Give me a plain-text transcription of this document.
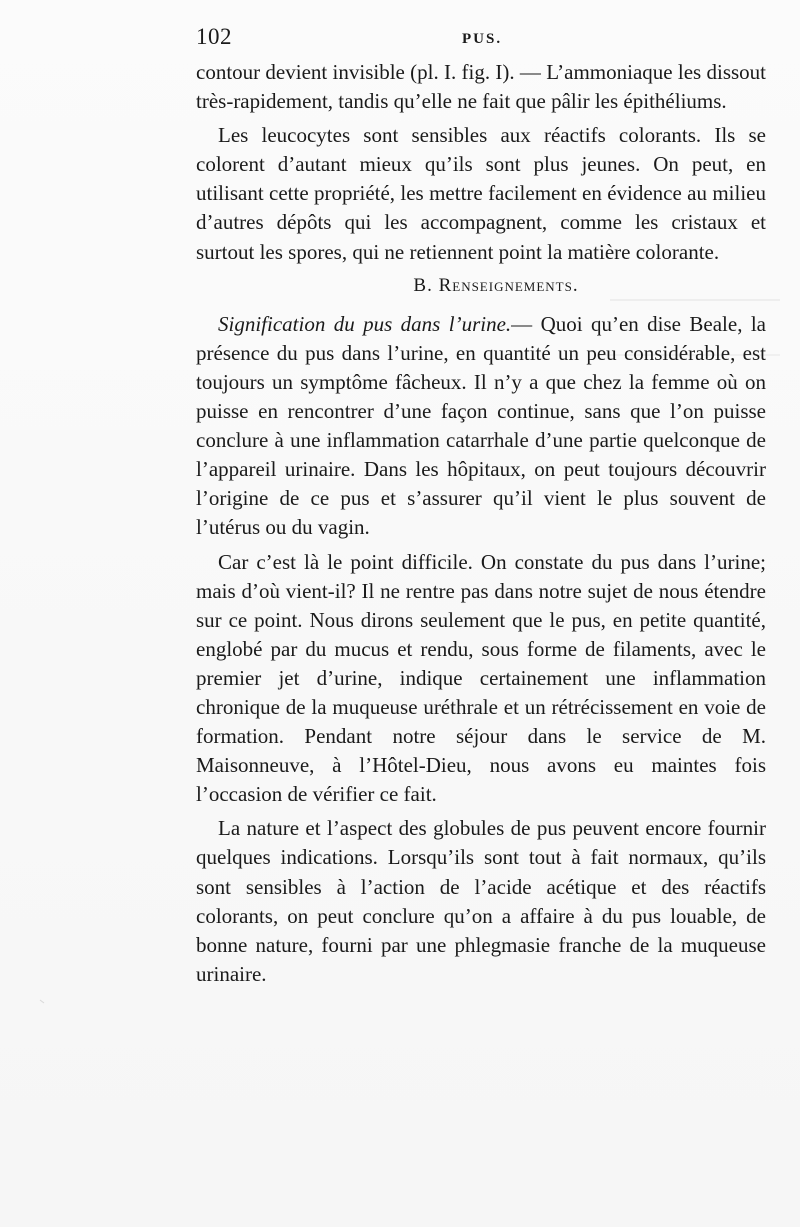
102	PUS.

contour devient invisible (pl. I. fig. I). — L’ammoniaque les dissout très-rapidement, tandis qu’elle ne fait que pâlir les épithéliums.

Les leucocytes sont sensibles aux réactifs colorants. Ils se colorent d’autant mieux qu’ils sont plus jeunes. On peut, en utilisant cette propriété, les mettre facilement en évidence au milieu d’autres dépôts qui les accompagnent, comme les cristaux et surtout les spores, qui ne retiennent point la matière colorante.

B. Renseignements.

Signification du pus dans l’urine.— Quoi qu’en dise Beale, la présence du pus dans l’urine, en quantité un peu considérable, est toujours un symptôme fâcheux. Il n’y a que chez la femme où on puisse en rencontrer d’une façon continue, sans que l’on puisse conclure à une inflammation catarrhale d’une partie quelconque de l’appareil urinaire. Dans les hôpitaux, on peut toujours découvrir l’origine de ce pus et s’assurer qu’il vient le plus souvent de l’utérus ou du vagin.

Car c’est là le point difficile. On constate du pus dans l’urine; mais d’où vient-il? Il ne rentre pas dans notre sujet de nous étendre sur ce point. Nous dirons seulement que le pus, en petite quantité, englobé par du mucus et rendu, sous forme de filaments, avec le premier jet d’urine, indique certainement une inflammation chronique de la muqueuse uréthrale et un rétrécissement en voie de formation. Pendant notre séjour dans le service de M. Maisonneuve, à l’Hôtel-Dieu, nous avons eu maintes fois l’occasion de vérifier ce fait.

La nature et l’aspect des globules de pus peuvent encore fournir quelques indications. Lorsqu’ils sont tout à fait normaux, qu’ils sont sensibles à l’action de l’acide acétique et des réactifs colorants, on peut conclure qu’on a affaire à du pus louable, de bonne nature, fourni par une phlegmasie franche de la muqueuse urinaire.
